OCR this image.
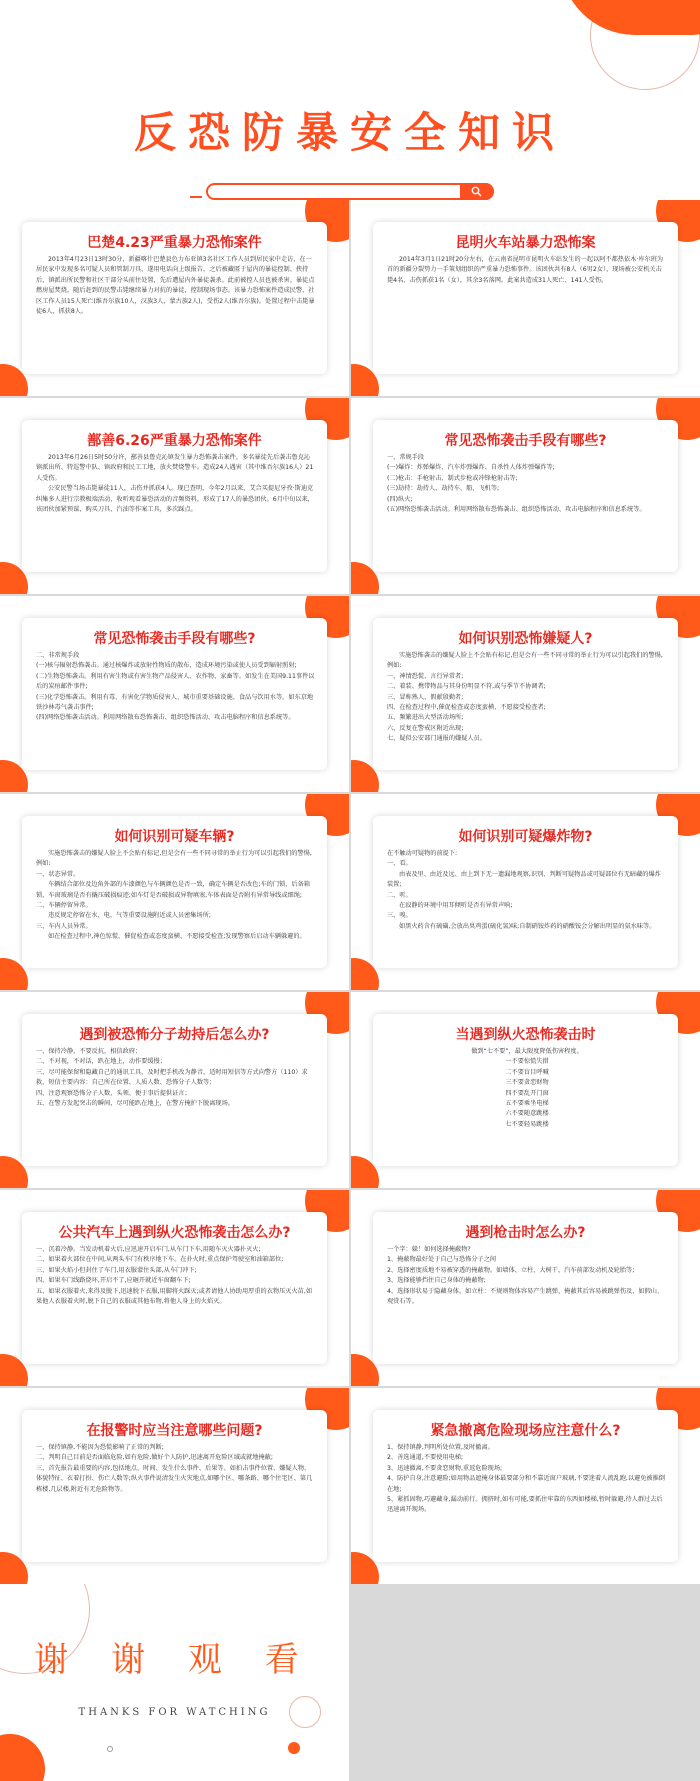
反恐防暴安全知识
巴楚4.23严重暴力恐怖案件

2013年4月23日13时30分，新疆喀什巴楚县色力布亚镇3名社区工作人员到居民家中走访，在一居民家中发现多名可疑人员和管制刀具，遂用电话向上级报告，之后被藏匿于屋内的暴徒控制、挟持后，镇派出所民警和社区干部分头前往处置，先后遭屋内外暴徒袭杀。此前被控人员也被杀害。暴徒点燃房屋焚烧。随后赶到的民警击毙继续暴力对抗的暴徒，控制现场事态。该暴力恐怖案件造成民警、社区工作人员15人死亡(维吾尔族10人，汉族3人，蒙古族2人)，受伤2人(维吾尔族)。处置过程中击毙暴徒6人，抓获8人。

昆明火车站暴力恐怖案

2014年3月1日21时20分左右，在云南省昆明市昆明火车站发生的一起以阿不都热依木·库尔班为首的新疆分裂势力一手策划组织的严重暴力恐怖事件。该团伙共有8人（6男2女），现场被公安机关击毙4名、击伤抓获1名（女），其余3名落网。此案共造成31人死亡、141人受伤。

鄯善6.26严重暴力恐怖案件

2013年6月26日5时50分许，鄯善县鲁克沁镇发生暴力恐怖袭击案件，多名暴徒先后袭击鲁克沁镇派出所、特巡警中队、镇政府和民工工地，放火焚烧警车。造成24人遇害（其中维吾尔族16人）21人受伤。

公安民警当场击毙暴徒11人，击伤并抓获4人。现已查明，今年2月以来，艾合买提尼牙孜·斯迪克纠集多人进行宗教极端活动，收听观看暴恐活动的音频资料，形成了17人的暴恐团伙。6月中旬以来，该团伙加紧预谋，购买刀具、汽油等作案工具，多次踩点。

常见恐怖袭击手段有哪些?

一、常规手段

(一)爆炸：炸弹爆炸、汽车炸弹爆炸、自杀性人体炸弹爆炸等;

(二)枪击：手枪射击、制式步枪或冲锋枪射击等;

(三)劫持：劫持人、劫持车、船、飞机等;

(四)纵火;

(五)网络恐怖袭击活动。利用网络散布恐怖袭击、组织恐怖活动、攻击电脑程序和信息系统等。

常见恐怖袭击手段有哪些?

二、非常规手段

(一)核与辐射恐怖袭击。通过核爆炸或放射性物质的散布，造成环境污染或使人员受到辐射照射;

(二)生物恐怖袭击。利用有害生物或有害生物产品侵害人、农作物、家畜等。如发生在美国9.11事件以后的炭疽邮件事件;

(三)化学恐怖袭击。利用有毒、有害化学物质侵害人、城市重要基础设施、食品与饮用水等。如东京地铁沙林毒气袭击事件;

(四)网络恐怖袭击活动。利用网络散布恐怖袭击、组织恐怖活动、攻击电脑程序和信息系统等。

如何识别恐怖嫌疑人?

实施恐怖袭击的嫌疑人脸上不会贴有标记,但是会有一些不同寻常的举止行为可以引起我们的警惕,例如:

一、神情恐慌、言行异常者;

二、着装、携带物品与其身份明显不符,或与季节不协调者;

三、冒称熟人、假献殷勤者;

四、在检查过程中,催促检查或态度蛮横、不愿接受检查者;

五、频繁进出大型活动场所;

六、反复在警戒区附近出现;

七、疑似公安部门通报的嫌疑人员。

如何识别可疑车辆?

实施恐怖袭击的嫌疑人脸上不会贴有标记,但是会有一些不同寻常的举止行为可以引起我们的警惕,例如:

一、状态异常。

车辆结合部位及边角外部的车漆颜色与车辆颜色是否一致，确定车辆是否改色;车的门锁、后备箱锁、车窗玻璃是否有撬压破损痕迹;如车灯是否破损或异物填塞,车体表面是否附有异常导线或细绳;

二、车辆停留异常。

违反规定停留在水、电、气等重要设施附近或人员密集场所;

三、车内人员异常。

如在检查过程中,神色惊慌、催促检查或态度蛮横、不愿接受检查;发现警察后启动车辆躲避的。

如何识别可疑爆炸物?

在不触动可疑物的前提下:

一、看。

由表及里、由近及远、由上到下无一遗漏地观察,识别、判断可疑物品或可疑部位有无暗藏的爆炸装置;

二、听。

在寂静的环境中用耳倾听是否有异常声响;

三、嗅。

如黑火药含有硫磺,会放出臭鸡蛋(硫化氢)味;自制硝铵炸药的硝酸铵会分解出明显的氨水味等。

遇到被恐怖分子劫持后怎么办?

一、保持冷静，不要反抗，相信政府；

二、不对视，不对话，趴在地上，动作要缓慢；

三、尽可能保留和隐藏自己的通讯工具，及时把手机改为静音，适时用短信等方式向警方（110）求救，短信主要内容：自己所在位置、人质人数、恐怖分子人数等；

四、注意观察恐怖分子人数、头领、便于事后提供证言；

五、在警方发起突击的瞬间，尽可能趴在地上，在警方掩护下脱离现场。

当遇到纵火恐怖袭击时

做到“七不要”，最大限度降低伤害程度。

一不要惊慌失措

二不要盲目呼喊

三不要贪恋财物

四不要乱开门窗

五不要乘坐电梯

六不要随意跳楼

七不要轻易跳楼

公共汽车上遇到纵火恐怖袭击怎么办?

一、沉着冷静。当发动机着火后,应迅速开启车门,从车门下车,用随车灭火器扑灭火;

二、如果着火部位在中间,从两头车门有秩序地下车。在扑火时,重点保护驾驶室和油箱部位;

三、如果火焰小但封住了车门,用衣服蒙住头部,从车门冲下;

四、如果车门线路烧坏,开启不了,应砸开就近车窗翻车下;

五、如果衣服着火,来得及脱下,迅速脱下衣服,用脚将火踩灭;或者请他人协助用厚重的衣物压灭火苗,如果他人衣服着火时,脱下自己的衣服或其他布物,将他人身上的火焰灭。

遇到枪击时怎么办?

一个字：躲！如何选择掩蔽物?

1、掩蔽物最好处于自己与恐怖分子之间

2、选择密度质地不易被穿透的掩蔽物。如墙体、立柱、大树干，汽车前部发动机及轮胎等;

3、选择能够挡住自己身体的掩蔽物;

4、选择形状易于隐藏身体，如立柱：不规则物体容易产生跳弹，掩蔽其后容易被跳弹伤及，如假山、观赏石等。

在报警时应当注意哪些问题?

一、保持镇静,不能因为恐慌影响了正常的判断;

二、判明自己目前是否面临危险,如有危险,做好个人防护,迅速离开危险区域或就地掩蔽;

三、首先报告最重要的内容,包括地点、时间、发生什么事件、后果等。如拍击事件位置、嫌疑人物、体貌特征、衣着打扮、伤亡人数等;纵火事件说清发生火灾地点,如哪个区、哪条路、哪个住宅区、第几栋楼,几层楼,附近有无危险物等。

紧急撤离危险现场应注意什么?

1、保持镇静,判明所处位置,及时撤离。

2、善选通道,不要使用电梯;

3、迅速撤离,不要贪恋财物,重返危险现场;

4、防护自身,注意避险;如用物品遮掩身体最要部分和不靠近窗户玻璃,不要迷着人流乱跑,以避免被推倒在地;

5、紧抓固物,巧避藏身,漏动前行。拥挤时,如有可能,要抓住牢靠的东西如楼梯,暂时躲避,待人群过去后迅速离开现场。

谢 谢 观 看
THANKS FOR WATCHING
